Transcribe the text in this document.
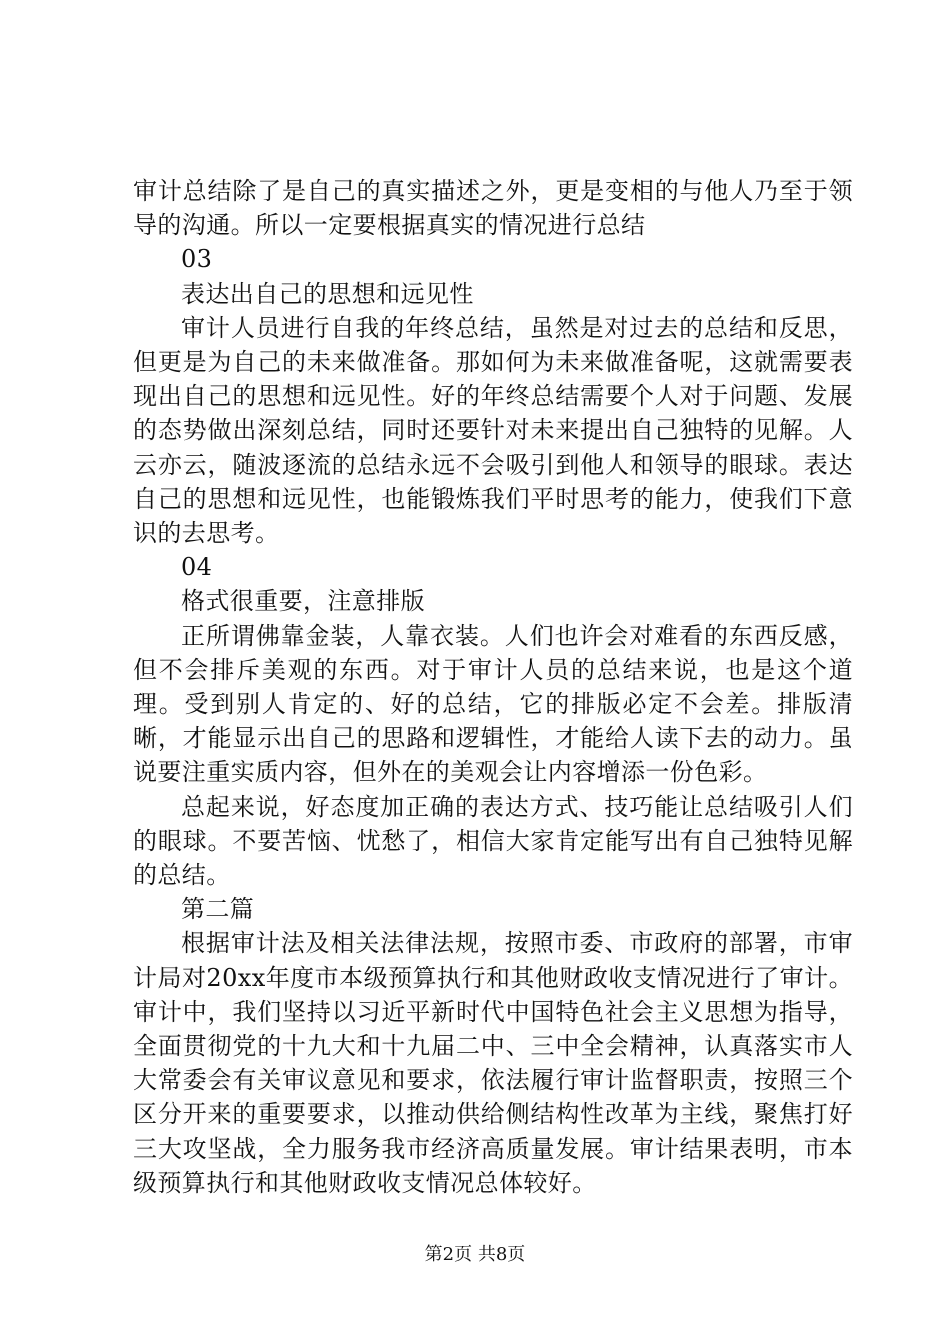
审计总结除了是自己的真实描述之外，更是变相的与他人乃至于领导的沟通。所以一定要根据真实的情况进行总结

03

表达出自己的思想和远见性

审计人员进行自我的年终总结，虽然是对过去的总结和反思，但更是为自己的未来做准备。那如何为未来做准备呢，这就需要表现出自己的思想和远见性。好的年终总结需要个人对于问题、发展的态势做出深刻总结，同时还要针对未来提出自己独特的见解。人云亦云，随波逐流的总结永远不会吸引到他人和领导的眼球。表达自己的思想和远见性，也能锻炼我们平时思考的能力，使我们下意识的去思考。

04

格式很重要，注意排版

正所谓佛靠金装，人靠衣装。人们也许会对难看的东西反感，但不会排斥美观的东西。对于审计人员的总结来说，也是这个道理。受到别人肯定的、好的总结，它的排版必定不会差。排版清晰，才能显示出自己的思路和逻辑性，才能给人读下去的动力。虽说要注重实质内容，但外在的美观会让内容增添一份色彩。

总起来说，好态度加正确的表达方式、技巧能让总结吸引人们的眼球。不要苦恼、忧愁了，相信大家肯定能写出有自己独特见解的总结。

第二篇

根据审计法及相关法律法规，按照市委、市政府的部署，市审计局对20xx年度市本级预算执行和其他财政收支情况进行了审计。审计中，我们坚持以习近平新时代中国特色社会主义思想为指导，全面贯彻党的十九大和十九届二中、三中全会精神，认真落实市人大常委会有关审议意见和要求，依法履行审计监督职责，按照三个区分开来的重要要求，以推动供给侧结构性改革为主线，聚焦打好三大攻坚战，全力服务我市经济高质量发展。审计结果表明，市本级预算执行和其他财政收支情况总体较好。

第2页 共8页
